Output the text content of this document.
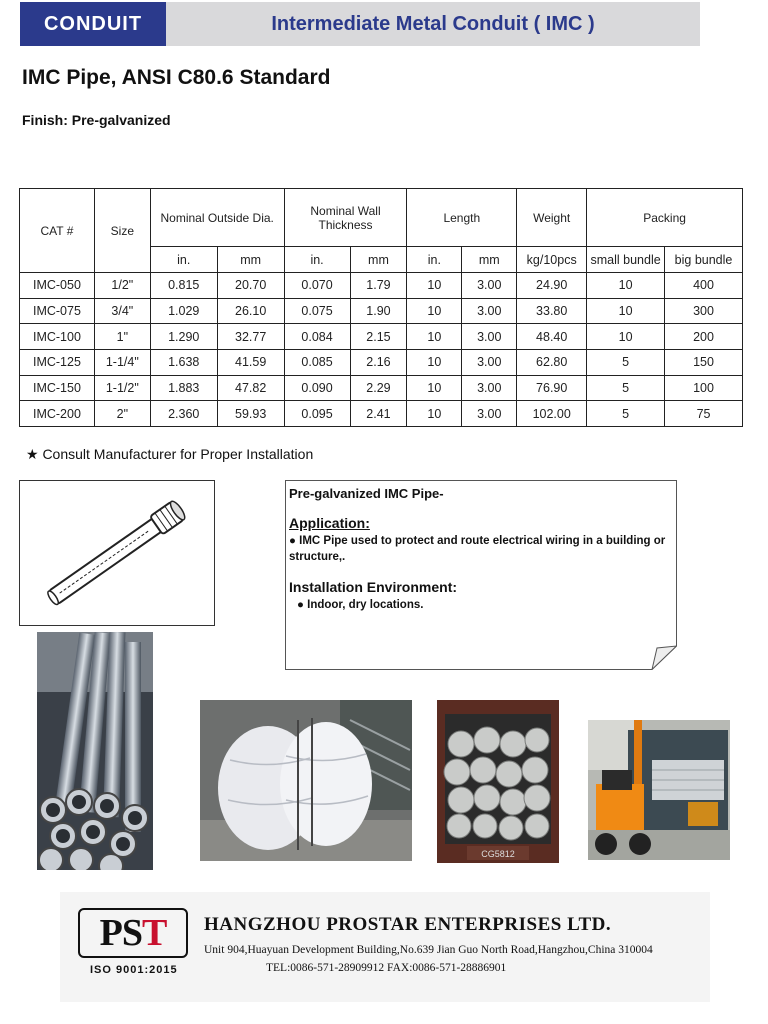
CONDUIT	Intermediate Metal Conduit ( IMC )
IMC Pipe, ANSI C80.6 Standard
Finish: Pre-galvanized
CAT #	Size	Nominal Outside Dia.		Nominal Wall Thickness		Length		Weight	Packing	
		in.	mm	in.	mm	in.	mm	kg/10pcs	small bundle	big bundle
IMC-050	1/2"	0.815	20.70	0.070	1.79	10	3.00	24.90	10	400
IMC-075	3/4"	1.029	26.10	0.075	1.90	10	3.00	33.80	10	300
IMC-100	1"	1.290	32.77	0.084	2.15	10	3.00	48.40	10	200
IMC-125	1-1/4"	1.638	41.59	0.085	2.16	10	3.00	62.80	5	150
IMC-150	1-1/2"	1.883	47.82	0.090	2.29	10	3.00	76.90	5	100
IMC-200	2"	2.360	59.93	0.095	2.41	10	3.00	102.00	5	75
★ Consult Manufacturer for Proper Installation
Pre-galvanized IMC Pipe-
Application:
● IMC Pipe used to protect and route electrical wiring in a building or structure,.
Installation Environment:
● Indoor, dry locations.
CG5812
PS T
ISO 9001:2015
HANGZHOU PROSTAR ENTERPRISES LTD.
Unit 904,Huayuan Development Building,No.639 Jian Guo North Road,Hangzhou,China 310004
TEL:0086-571-28909912 FAX:0086-571-28886901
